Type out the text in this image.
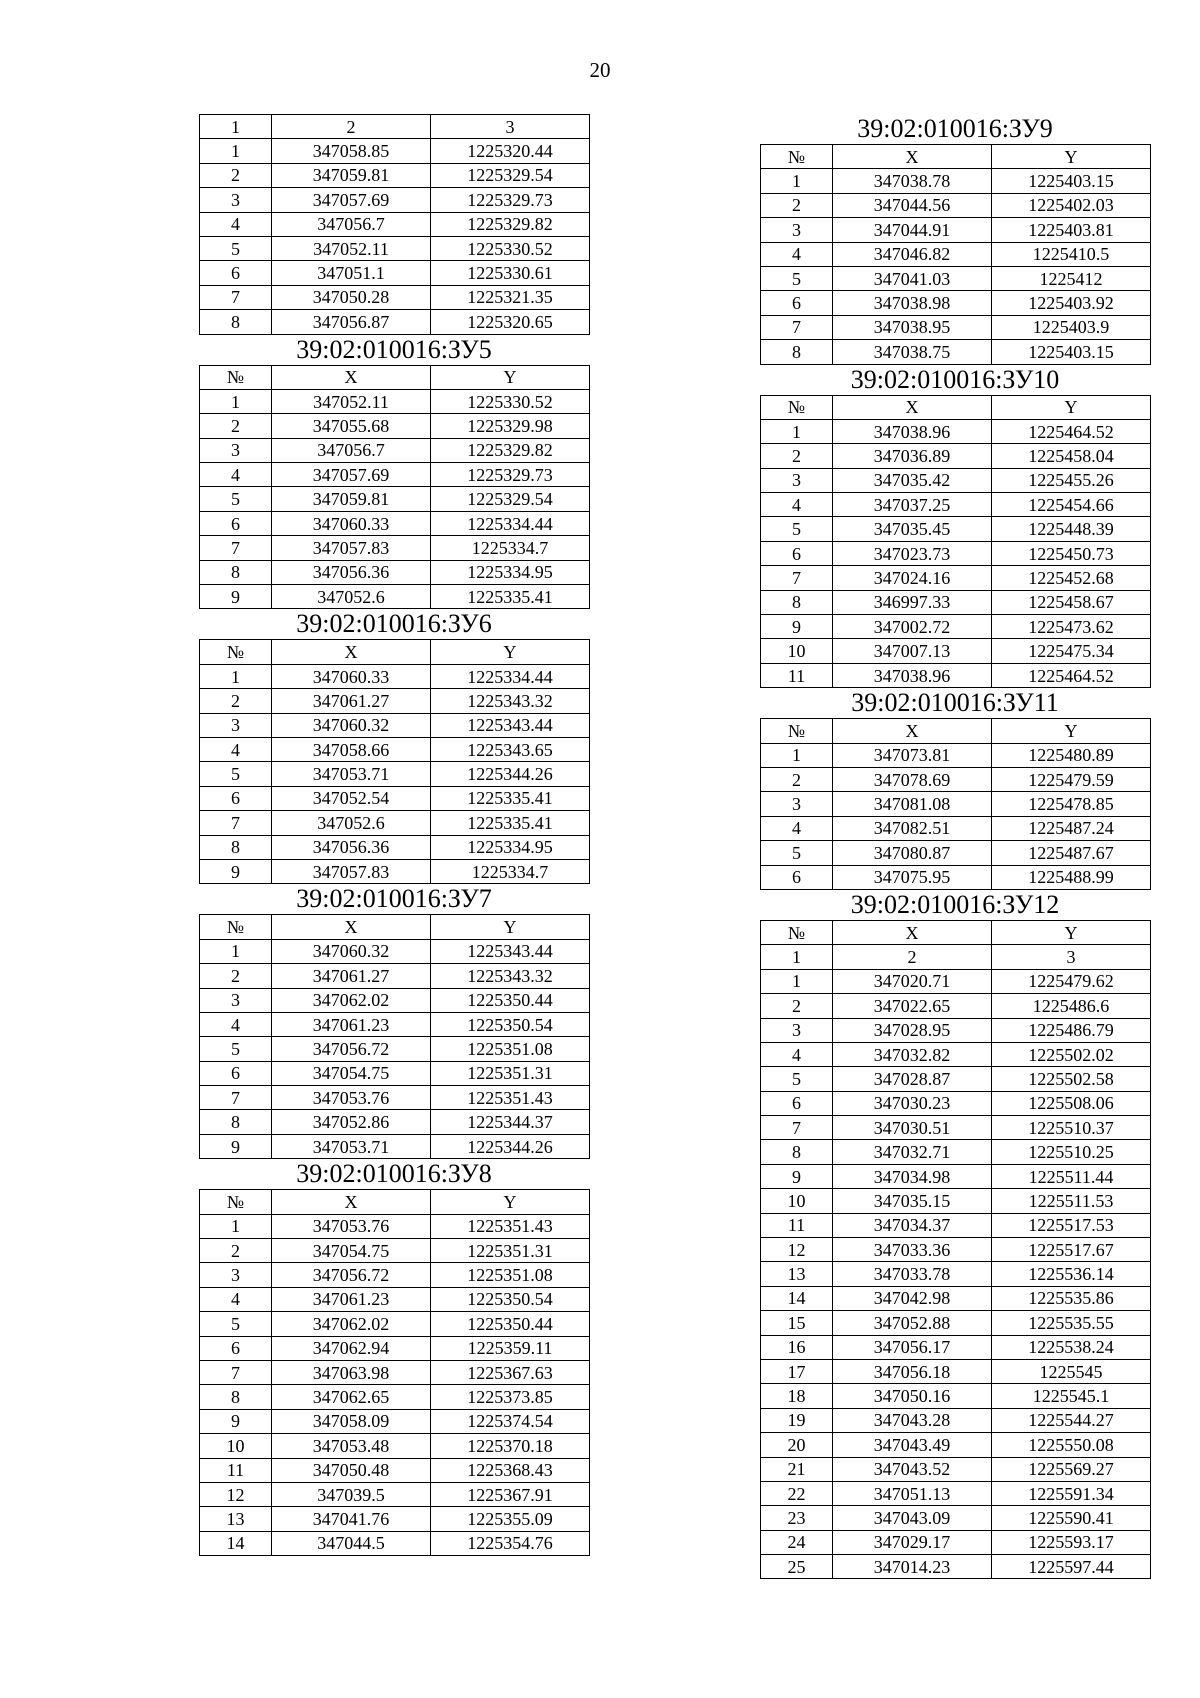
20
1	2	3
1	347058.85	1225320.44
2	347059.81	1225329.54
3	347057.69	1225329.73
4	347056.7	1225329.82
5	347052.11	1225330.52
6	347051.1	1225330.61
7	347050.28	1225321.35
8	347056.87	1225320.65
39:02:010016:ЗУ5
№	X	Y
1	347052.11	1225330.52
2	347055.68	1225329.98
3	347056.7	1225329.82
4	347057.69	1225329.73
5	347059.81	1225329.54
6	347060.33	1225334.44
7	347057.83	1225334.7
8	347056.36	1225334.95
9	347052.6	1225335.41
39:02:010016:ЗУ6
№	X	Y
1	347060.33	1225334.44
2	347061.27	1225343.32
3	347060.32	1225343.44
4	347058.66	1225343.65
5	347053.71	1225344.26
6	347052.54	1225335.41
7	347052.6	1225335.41
8	347056.36	1225334.95
9	347057.83	1225334.7
39:02:010016:ЗУ7
№	X	Y
1	347060.32	1225343.44
2	347061.27	1225343.32
3	347062.02	1225350.44
4	347061.23	1225350.54
5	347056.72	1225351.08
6	347054.75	1225351.31
7	347053.76	1225351.43
8	347052.86	1225344.37
9	347053.71	1225344.26
39:02:010016:ЗУ8
№	X	Y
1	347053.76	1225351.43
2	347054.75	1225351.31
3	347056.72	1225351.08
4	347061.23	1225350.54
5	347062.02	1225350.44
6	347062.94	1225359.11
7	347063.98	1225367.63
8	347062.65	1225373.85
9	347058.09	1225374.54
10	347053.48	1225370.18
11	347050.48	1225368.43
12	347039.5	1225367.91
13	347041.76	1225355.09
14	347044.5	1225354.76
39:02:010016:ЗУ9
№	X	Y
1	347038.78	1225403.15
2	347044.56	1225402.03
3	347044.91	1225403.81
4	347046.82	1225410.5
5	347041.03	1225412
6	347038.98	1225403.92
7	347038.95	1225403.9
8	347038.75	1225403.15
39:02:010016:ЗУ10
№	X	Y
1	347038.96	1225464.52
2	347036.89	1225458.04
3	347035.42	1225455.26
4	347037.25	1225454.66
5	347035.45	1225448.39
6	347023.73	1225450.73
7	347024.16	1225452.68
8	346997.33	1225458.67
9	347002.72	1225473.62
10	347007.13	1225475.34
11	347038.96	1225464.52
39:02:010016:ЗУ11
№	X	Y
1	347073.81	1225480.89
2	347078.69	1225479.59
3	347081.08	1225478.85
4	347082.51	1225487.24
5	347080.87	1225487.67
6	347075.95	1225488.99
39:02:010016:ЗУ12
№	X	Y
1	2	3
1	347020.71	1225479.62
2	347022.65	1225486.6
3	347028.95	1225486.79
4	347032.82	1225502.02
5	347028.87	1225502.58
6	347030.23	1225508.06
7	347030.51	1225510.37
8	347032.71	1225510.25
9	347034.98	1225511.44
10	347035.15	1225511.53
11	347034.37	1225517.53
12	347033.36	1225517.67
13	347033.78	1225536.14
14	347042.98	1225535.86
15	347052.88	1225535.55
16	347056.17	1225538.24
17	347056.18	1225545
18	347050.16	1225545.1
19	347043.28	1225544.27
20	347043.49	1225550.08
21	347043.52	1225569.27
22	347051.13	1225591.34
23	347043.09	1225590.41
24	347029.17	1225593.17
25	347014.23	1225597.44
